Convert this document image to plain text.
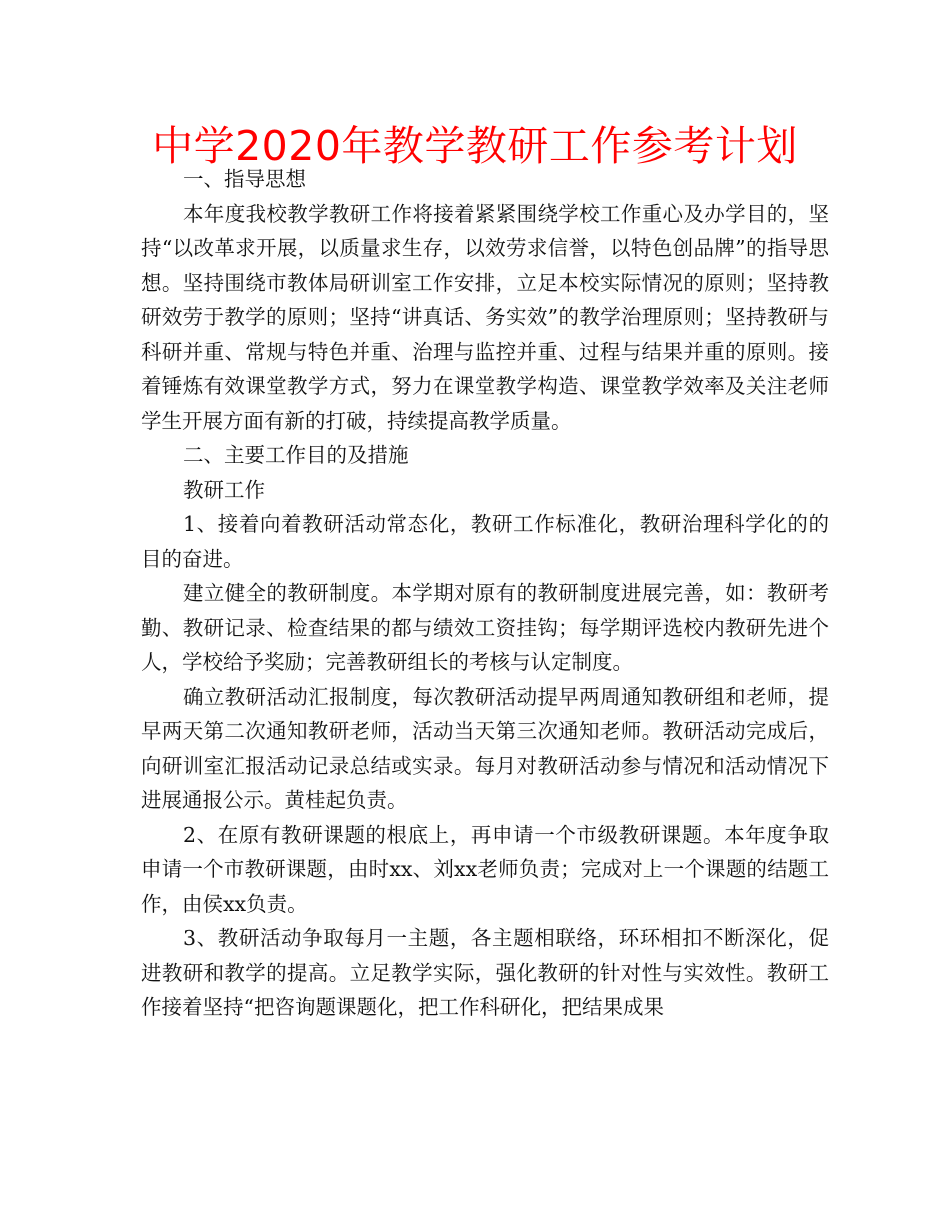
中学2020年教学教研工作参考计划

一、指导思想

本年度我校教学教研工作将接着紧紧围绕学校工作重心及办学目的，坚持“以改革求开展，以质量求生存，以效劳求信誉，以特色创品牌”的指导思想。坚持围绕市教体局研训室工作安排，立足本校实际情况的原则；坚持教研效劳于教学的原则；坚持“讲真话、务实效”的教学治理原则；坚持教研与科研并重、常规与特色并重、治理与监控并重、过程与结果并重的原则。接着锤炼有效课堂教学方式，努力在课堂教学构造、课堂教学效率及关注老师学生开展方面有新的打破，持续提高教学质量。

二、主要工作目的及措施

教研工作

1、接着向着教研活动常态化，教研工作标准化，教研治理科学化的的目的奋进。

建立健全的教研制度。本学期对原有的教研制度进展完善，如：教研考勤、教研记录、检查结果的都与绩效工资挂钩；每学期评选校内教研先进个人，学校给予奖励；完善教研组长的考核与认定制度。

确立教研活动汇报制度，每次教研活动提早两周通知教研组和老师，提早两天第二次通知教研老师，活动当天第三次通知老师。教研活动完成后，向研训室汇报活动记录总结或实录。每月对教研活动参与情况和活动情况下进展通报公示。黄桂起负责。

2、在原有教研课题的根底上，再申请一个市级教研课题。本年度争取申请一个市教研课题，由时xx、刘xx老师负责；完成对上一个课题的结题工作，由侯xx负责。

3、教研活动争取每月一主题，各主题相联络，环环相扣不断深化，促进教研和教学的提高。立足教学实际，强化教研的针对性与实效性。教研工作接着坚持“把咨询题课题化，把工作科研化，把结果成果
